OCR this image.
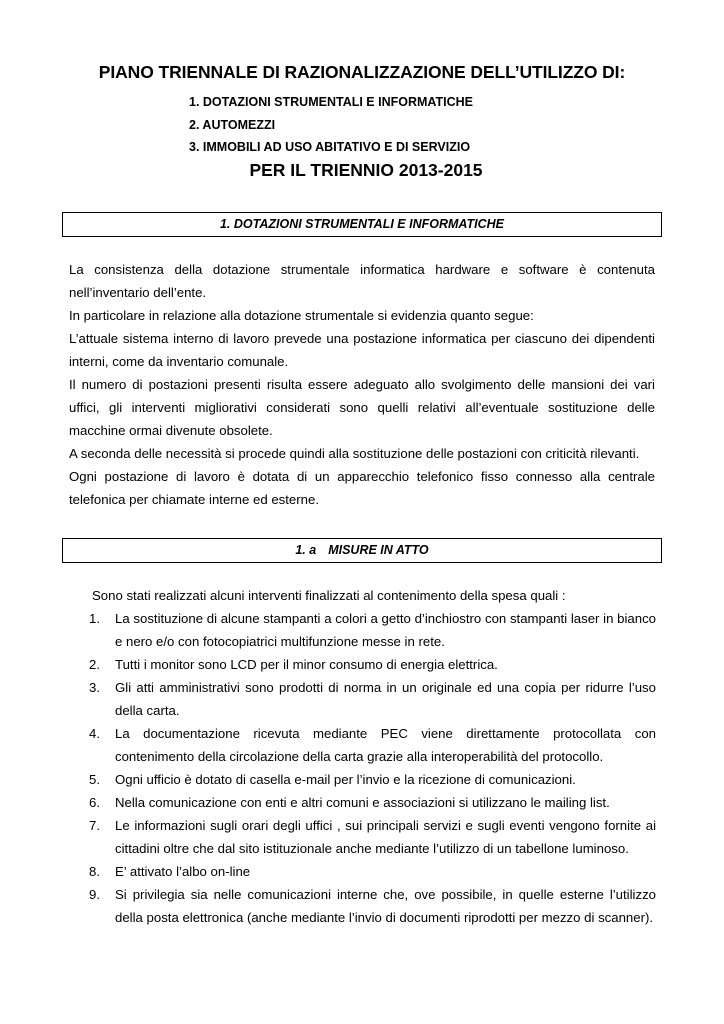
PIANO TRIENNALE DI RAZIONALIZZAZIONE DELL’UTILIZZO DI:
1. DOTAZIONI STRUMENTALI E INFORMATICHE
2. AUTOMEZZI
3. IMMOBILI AD USO ABITATIVO E DI SERVIZIO
PER IL TRIENNIO 2013-2015
1. DOTAZIONI STRUMENTALI E INFORMATICHE

La consistenza della dotazione strumentale informatica hardware e software è contenuta nell’inventario dell’ente.

In particolare in relazione alla dotazione strumentale si evidenzia quanto segue:

L’attuale sistema interno di lavoro prevede una postazione informatica per ciascuno dei dipendenti interni, come da inventario comunale.

Il numero di postazioni presenti risulta essere adeguato allo svolgimento delle mansioni dei vari uffici, gli interventi migliorativi considerati sono quelli relativi all’eventuale sostituzione delle macchine ormai divenute obsolete.

A seconda delle necessità si procede quindi alla sostituzione delle postazioni con criticità rilevanti.

Ogni postazione di lavoro è dotata di un apparecchio telefonico fisso connesso alla centrale telefonica per chiamate interne ed esterne.

1. a MISURE IN ATTO
Sono stati realizzati alcuni interventi finalizzati al contenimento della spesa quali :
1. La sostituzione di alcune stampanti a colori a getto d’inchiostro con stampanti laser in bianco e nero e/o con fotocopiatrici multifunzione messe in rete.
2. Tutti i monitor sono LCD per il minor consumo di energia elettrica.
3. Gli atti amministrativi sono prodotti di norma in un originale ed una copia per ridurre l’uso della carta.
4. La documentazione ricevuta mediante PEC viene direttamente protocollata con contenimento della circolazione della carta grazie alla interoperabilità del protocollo.
5. Ogni ufficio è dotato di casella e-mail per l’invio e la ricezione di comunicazioni.
6. Nella comunicazione con enti e altri comuni e associazioni si utilizzano le mailing list.
7. Le informazioni sugli orari degli uffici , sui principali servizi e sugli eventi vengono fornite ai cittadini oltre che dal sito istituzionale anche mediante l’utilizzo di un tabellone luminoso.
8. E’ attivato l’albo on-line
9. Si privilegia sia nelle comunicazioni interne che, ove possibile, in quelle esterne l’utilizzo della posta elettronica (anche mediante l’invio di documenti riprodotti per mezzo di scanner).
